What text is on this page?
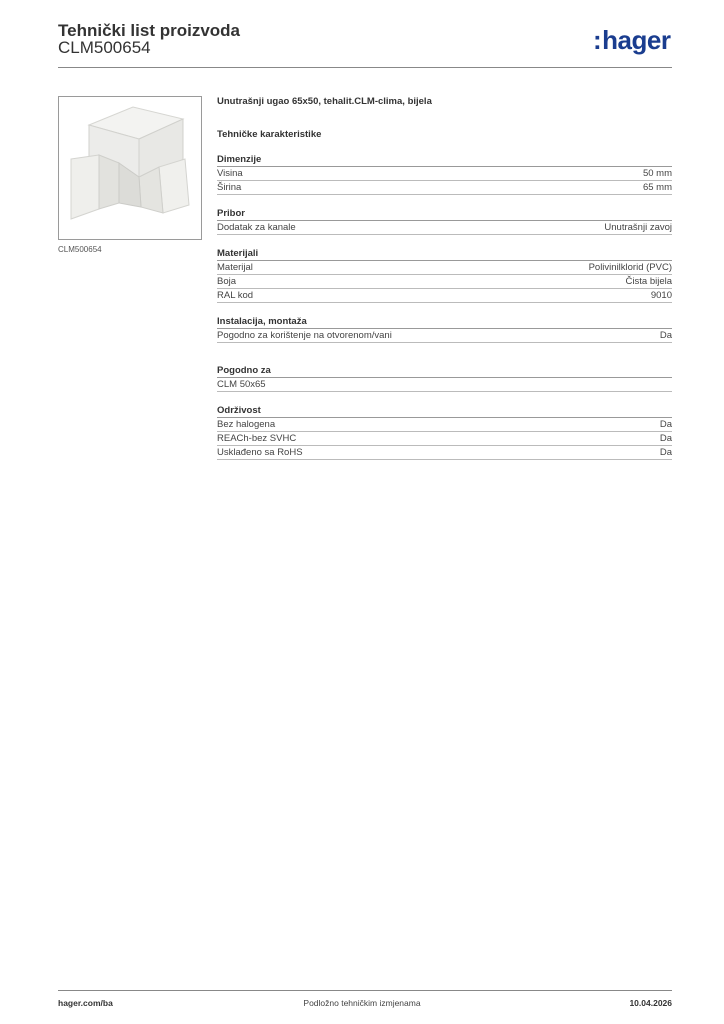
Tehnički list proizvoda
CLM500654	:hager
CLM500654
Unutrašnji ugao 65x50, tehalit.CLM-clima, bijela
Tehničke karakteristike
Dimenzije
Visina	50 mm
Širina	65 mm
Pribor
Dodatak za kanale	Unutrašnji zavoj
Materijali
Materijal	Polivinilklorid (PVC)
Boja	Čista bijela
RAL kod	9010
Instalacija, montaža
Pogodno za korištenje na otvorenom/vani	Da
Pogodno za
CLM 50x65
Održivost
Bez halogena	Da
REACh-bez SVHC	Da
Usklađeno sa RoHS	Da
hager.com/ba	Podložno tehničkim izmjenama	10.04.2026
